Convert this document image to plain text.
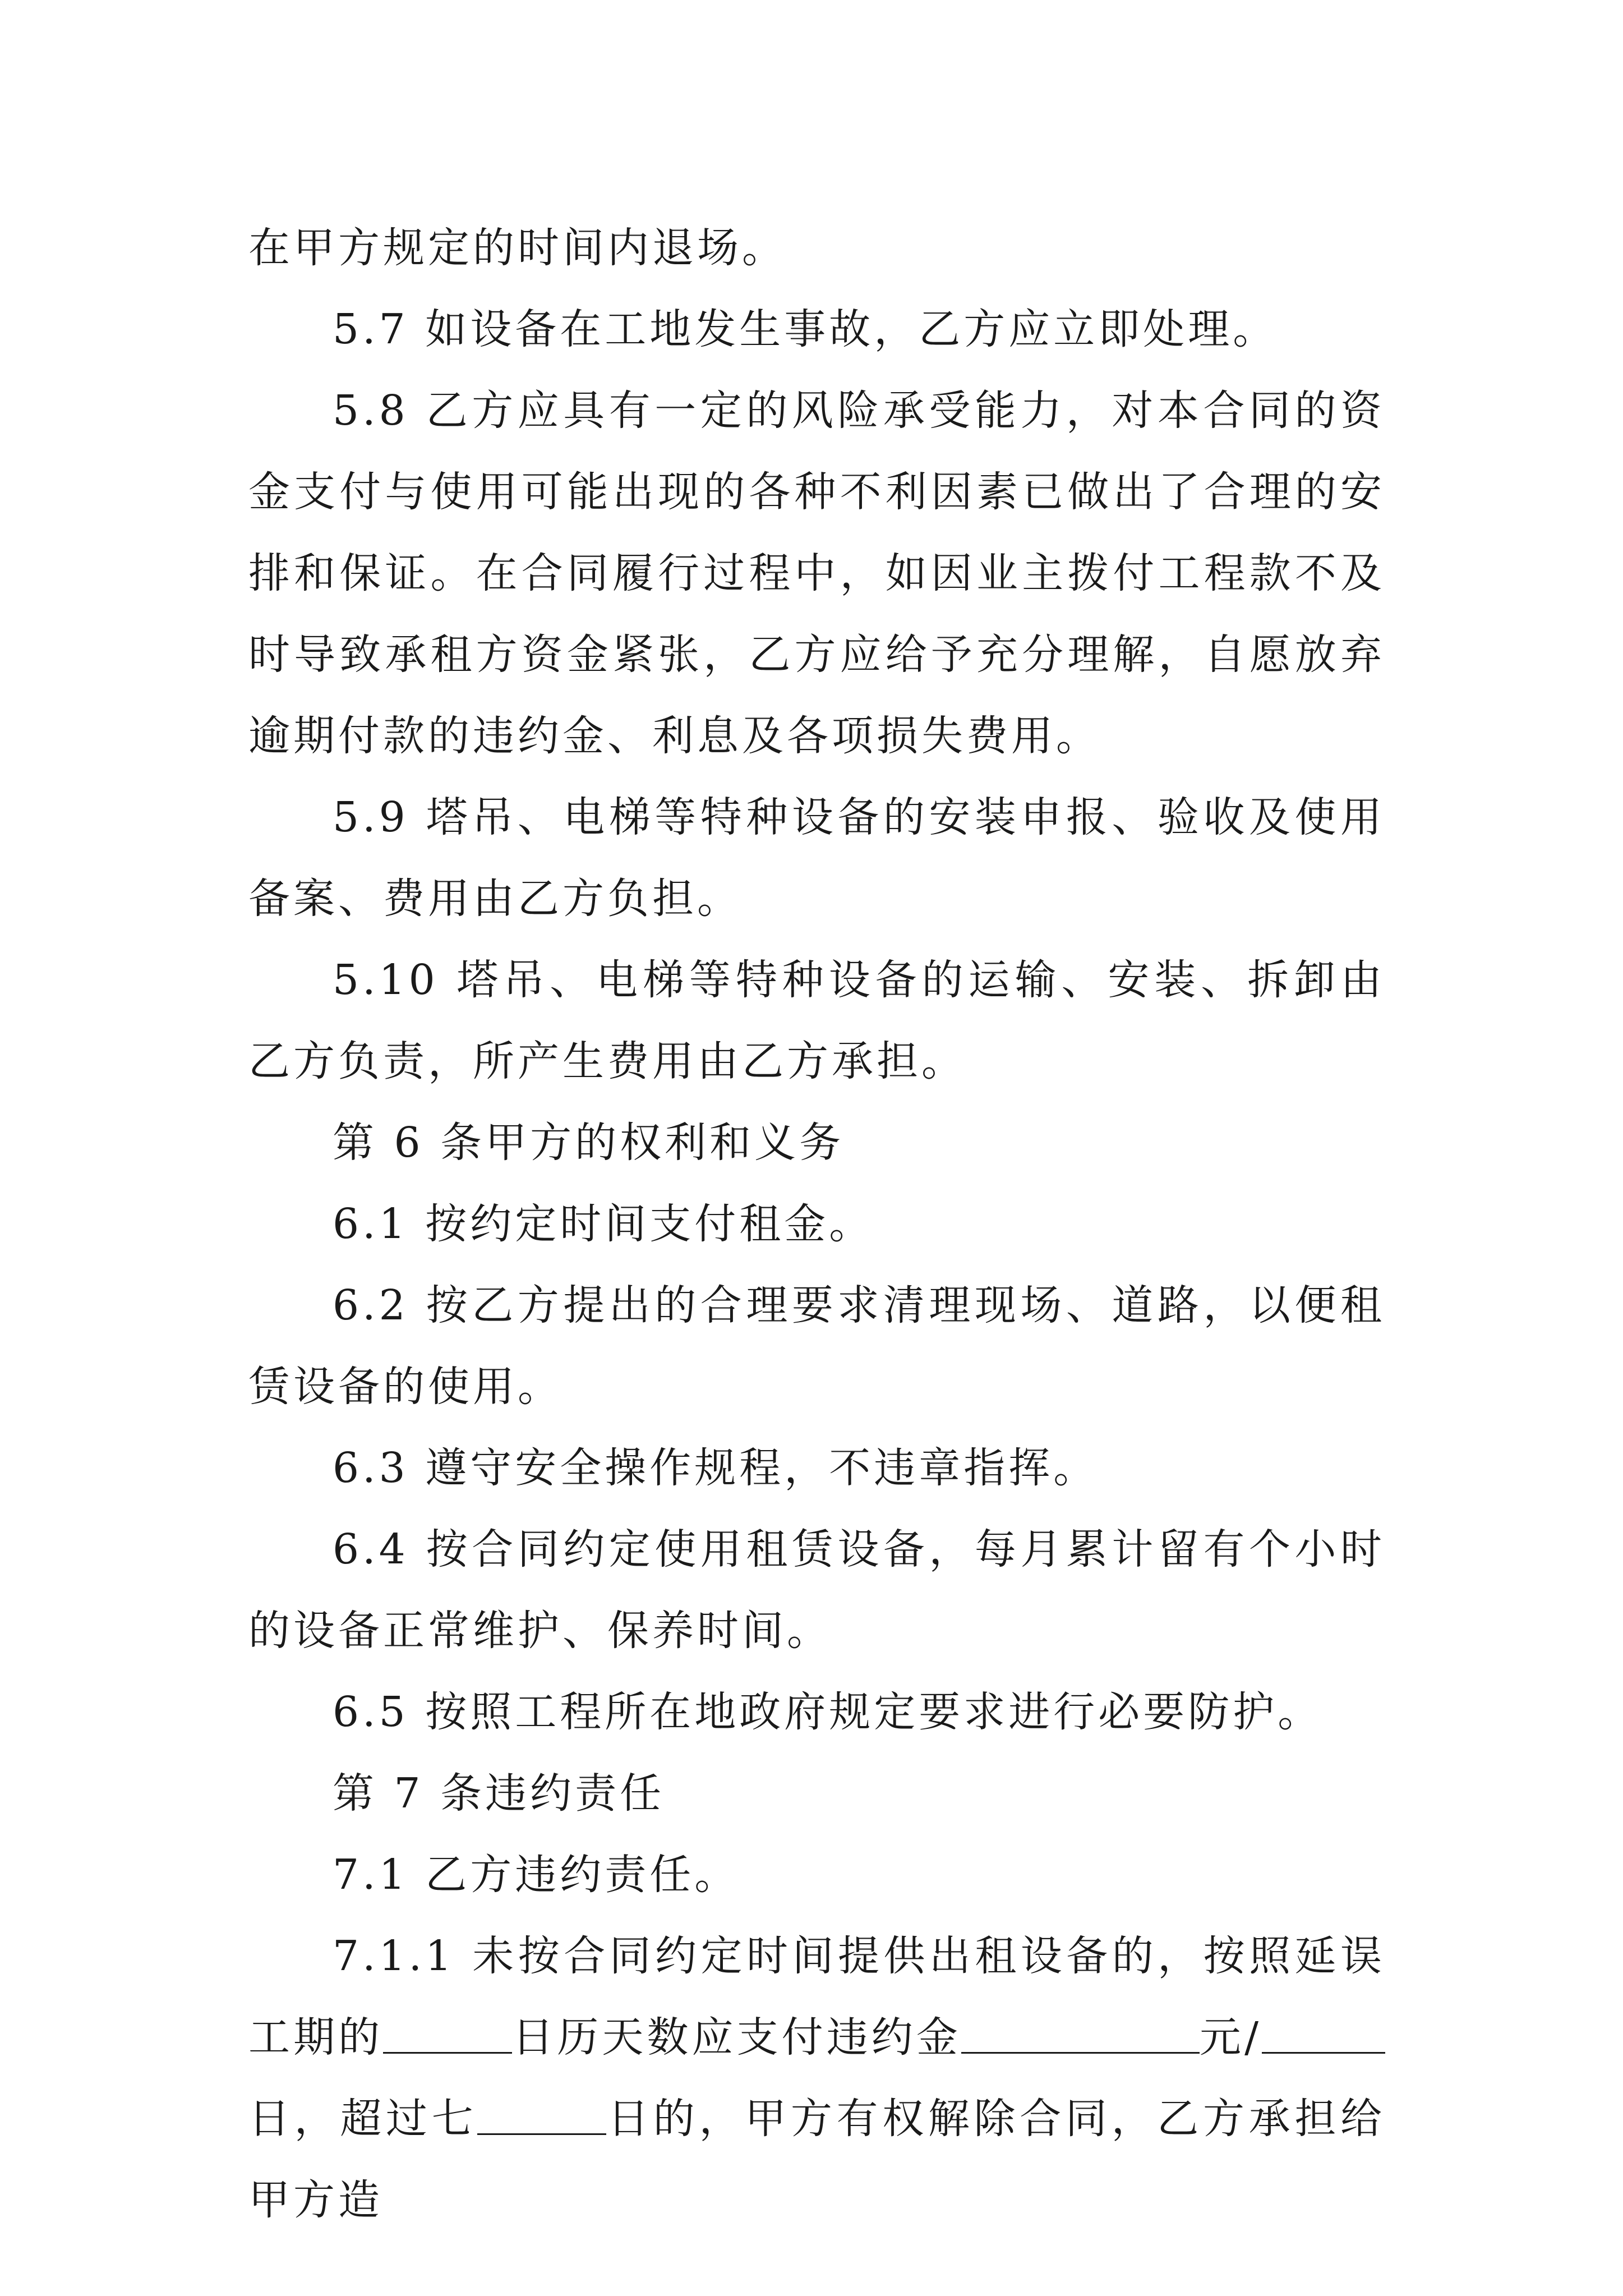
在甲方规定的时间内退场。

5.7 如设备在工地发生事故，乙方应立即处理。

5.8 乙方应具有一定的风险承受能力，对本合同的资金支付与使用可能出现的各种不利因素已做出了合理的安排和保证。在合同履行过程中，如因业主拨付工程款不及时导致承租方资金紧张，乙方应给予充分理解，自愿放弃逾期付款的违约金、利息及各项损失费用。

5.9 塔吊、电梯等特种设备的安装申报、验收及使用备案、费用由乙方负担。

5.10 塔吊、电梯等特种设备的运输、安装、拆卸由乙方负责，所产生费用由乙方承担。

第 6 条甲方的权利和义务

6.1 按约定时间支付租金。

6.2 按乙方提出的合理要求清理现场、道路，以便租赁设备的使用。

6.3 遵守安全操作规程，不违章指挥。

6.4 按合同约定使用租赁设备，每月累计留有个小时的设备正常维护、保养时间。

6.5 按照工程所在地政府规定要求进行必要防护。

第 7 条违约责任

7.1 乙方违约责任。

7.1.1 未按合同约定时间提供出租设备的，按照延误工期的	日历天数应支付违约金	元/日，超过七	日的，甲方有权解除合同，乙方承担给甲方造
